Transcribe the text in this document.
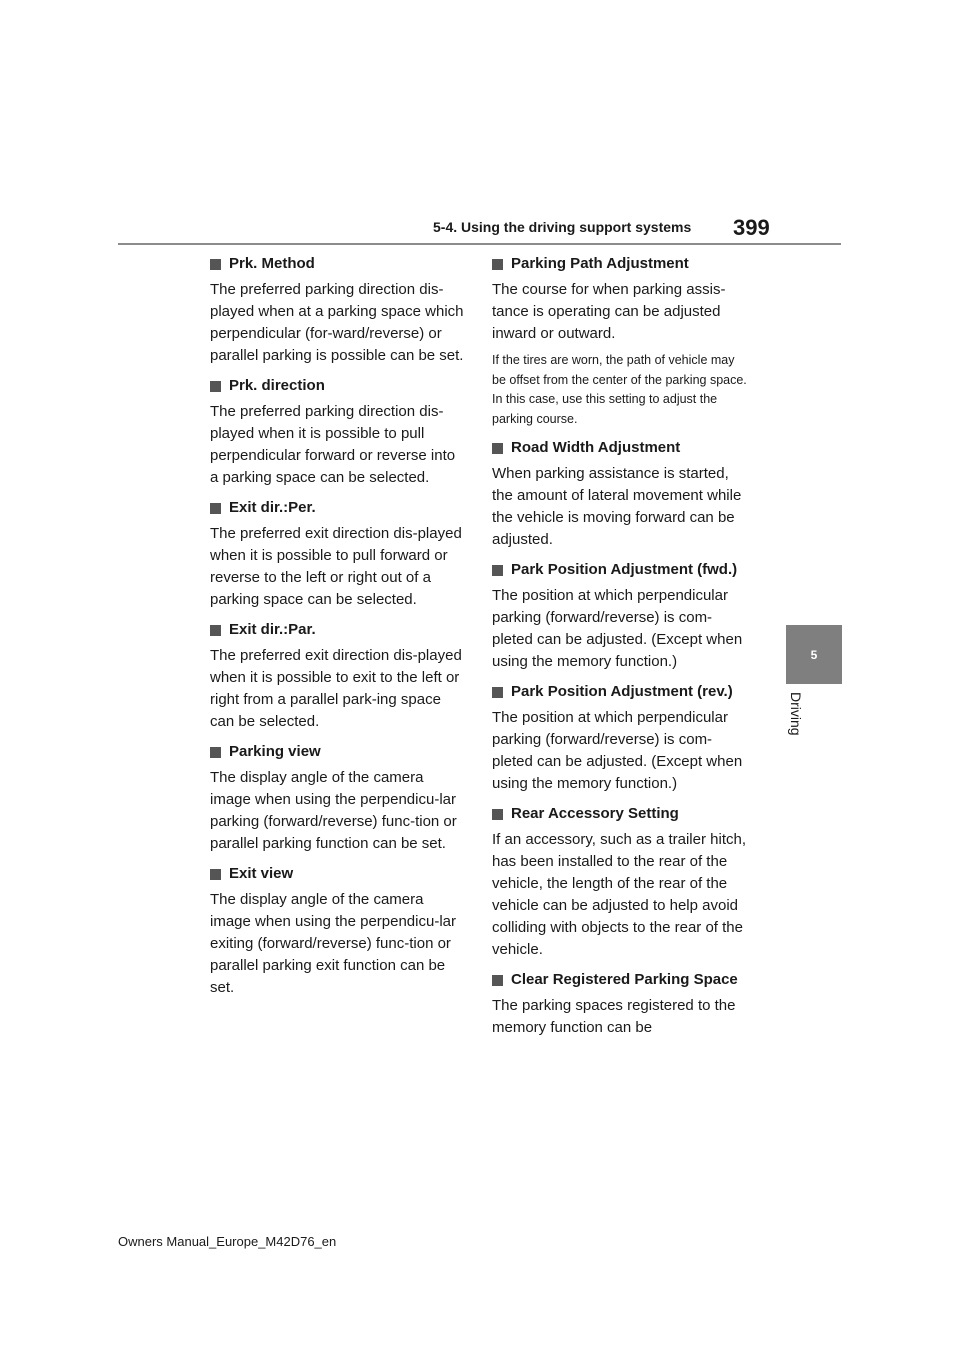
5-4. Using the driving support systems 399
5
Driving
Prk. Method
The preferred parking direction dis-played when at a parking space which perpendicular (for-ward/reverse) or parallel parking is possible can be set.
Prk. direction
The preferred parking direction dis-played when it is possible to pull perpendicular forward or reverse into a parking space can be selected.
Exit dir.:Per.
The preferred exit direction dis-played when it is possible to pull forward or reverse to the left or right out of a parking space can be selected.
Exit dir.:Par.
The preferred exit direction dis-played when it is possible to exit to the left or right from a parallel park-ing space can be selected.
Parking view
The display angle of the camera image when using the perpendicu-lar parking (forward/reverse) func-tion or parallel parking function can be set.
Exit view
The display angle of the camera image when using the perpendicu-lar exiting (forward/reverse) func-tion or parallel parking exit function can be set.
Parking Path Adjustment
The course for when parking assis-tance is operating can be adjusted inward or outward.
If the tires are worn, the path of vehicle may be offset from the center of the parking space. In this case, use this setting to adjust the parking course.
Road Width Adjustment
When parking assistance is started, the amount of lateral movement while the vehicle is moving forward can be adjusted.
Park Position Adjustment (fwd.)
The position at which perpendicular parking (forward/reverse) is com-pleted can be adjusted. (Except when using the memory function.)
Park Position Adjustment (rev.)
The position at which perpendicular parking (forward/reverse) is com-pleted can be adjusted. (Except when using the memory function.)
Rear Accessory Setting
If an accessory, such as a trailer hitch, has been installed to the rear of the vehicle, the length of the rear of the vehicle can be adjusted to help avoid colliding with objects to the rear of the vehicle.
Clear Registered Parking Space
The parking spaces registered to the memory function can be
Owners Manual_Europe_M42D76_en
